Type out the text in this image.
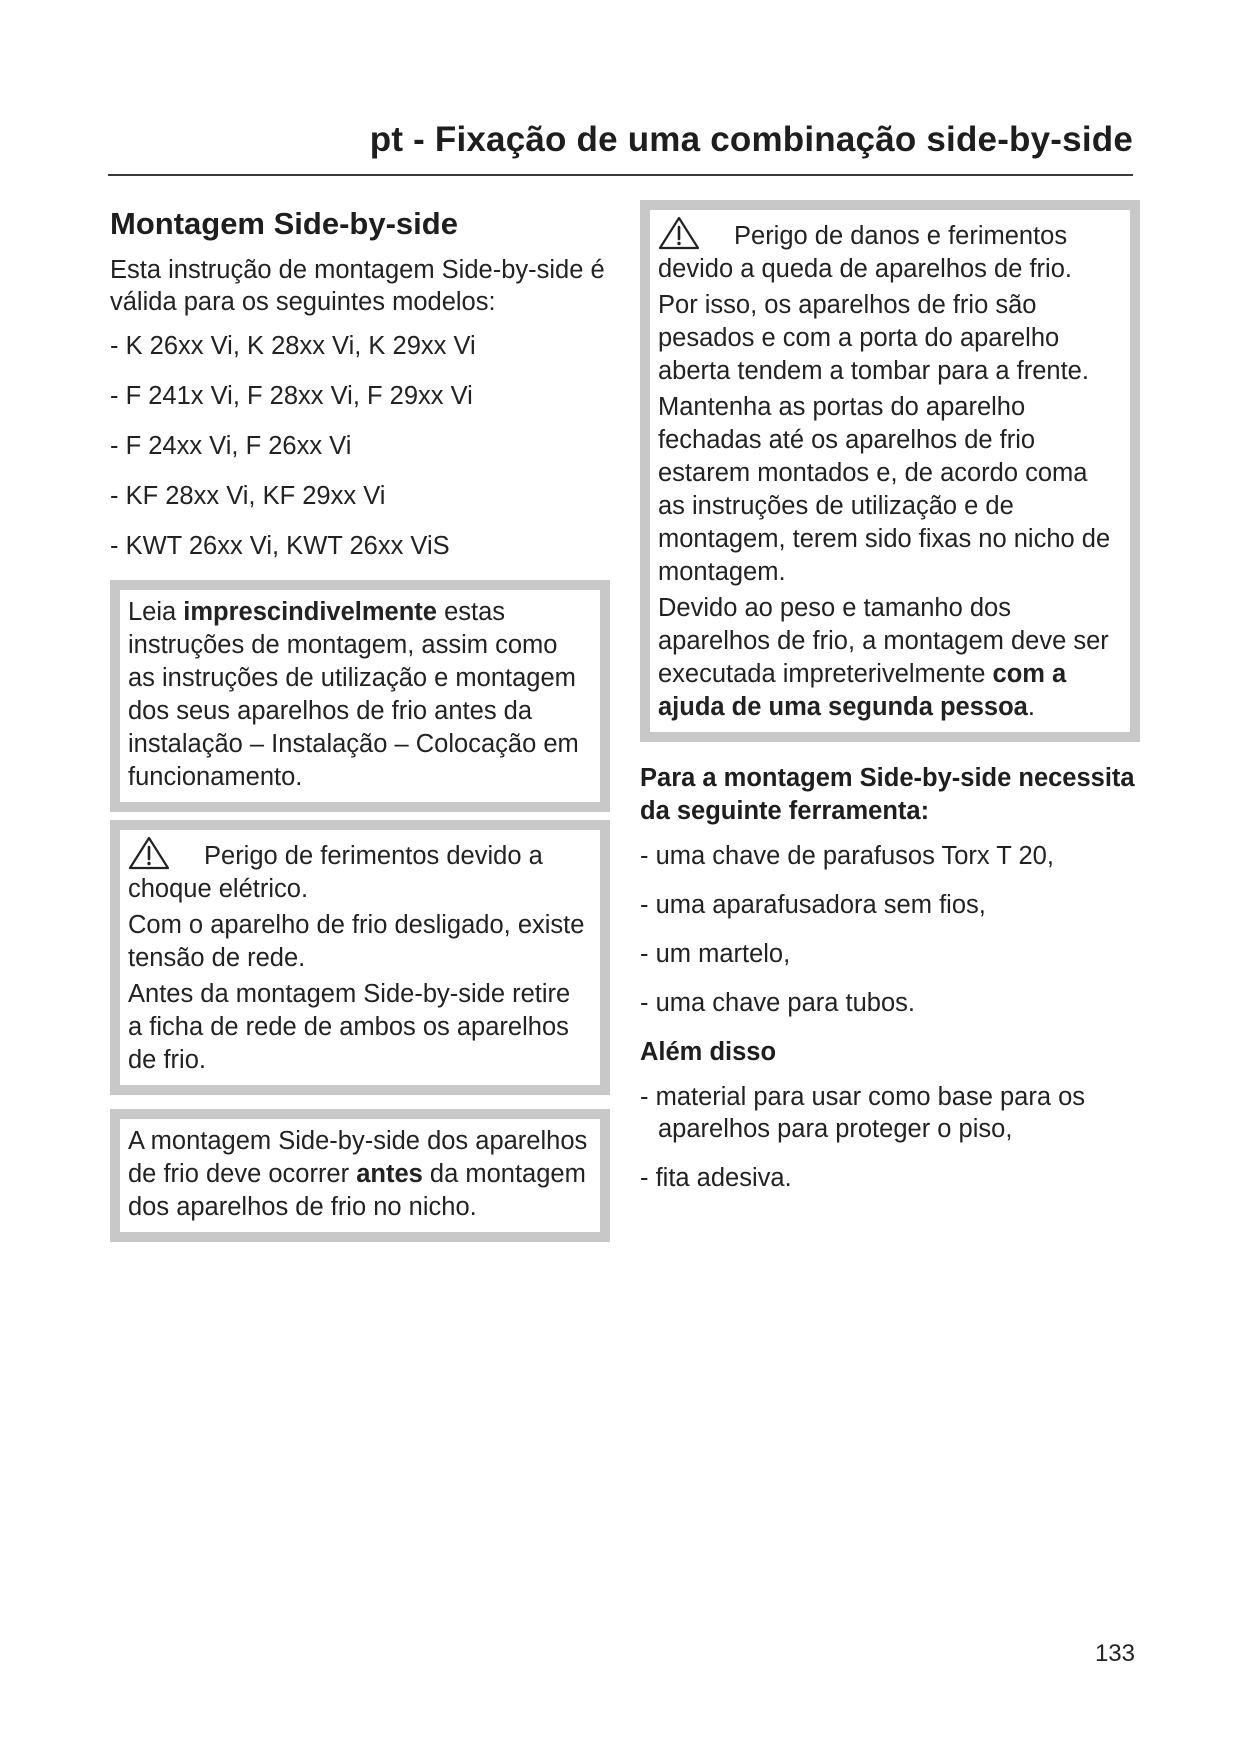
pt - Fixação de uma combinação side-by-side
Montagem Side-by-side

Esta instrução de montagem Side-by-side é válida para os seguintes modelos:

- K 26xx Vi, K 28xx Vi, K 29xx Vi
- F 241x Vi, F 28xx Vi, F 29xx Vi
- F 24xx Vi, F 26xx Vi
- KF 28xx Vi, KF 29xx Vi
- KWT 26xx Vi, KWT 26xx ViS

Leia imprescindivelmente estas instruções de montagem, assim como as instruções de utilização e montagem dos seus aparelhos de frio antes da instalação – Instalação – Colocação em funcionamento.

Perigo de ferimentos devido a choque elétrico.

Com o aparelho de frio desligado, existe tensão de rede.

Antes da montagem Side-by-side retire a ficha de rede de ambos os aparelhos de frio.

A montagem Side-by-side dos aparelhos de frio deve ocorrer antes da montagem dos aparelhos de frio no nicho.

Perigo de danos e ferimentos devido a queda de aparelhos de frio.

Por isso, os aparelhos de frio são pesados e com a porta do aparelho aberta tendem a tombar para a frente.

Mantenha as portas do aparelho fechadas até os aparelhos de frio estarem montados e, de acordo coma as instruções de utilização e de montagem, terem sido fixas no nicho de montagem.

Devido ao peso e tamanho dos aparelhos de frio, a montagem deve ser executada impreterivelmente com a ajuda de uma segunda pessoa.

Para a montagem Side-by-side necessita da seguinte ferramenta:
- uma chave de parafusos Torx T 20,
- uma aparafusadora sem fios,
- um martelo,
- uma chave para tubos.
Além disso
- material para usar como base para os aparelhos para proteger o piso,
- fita adesiva.
133
